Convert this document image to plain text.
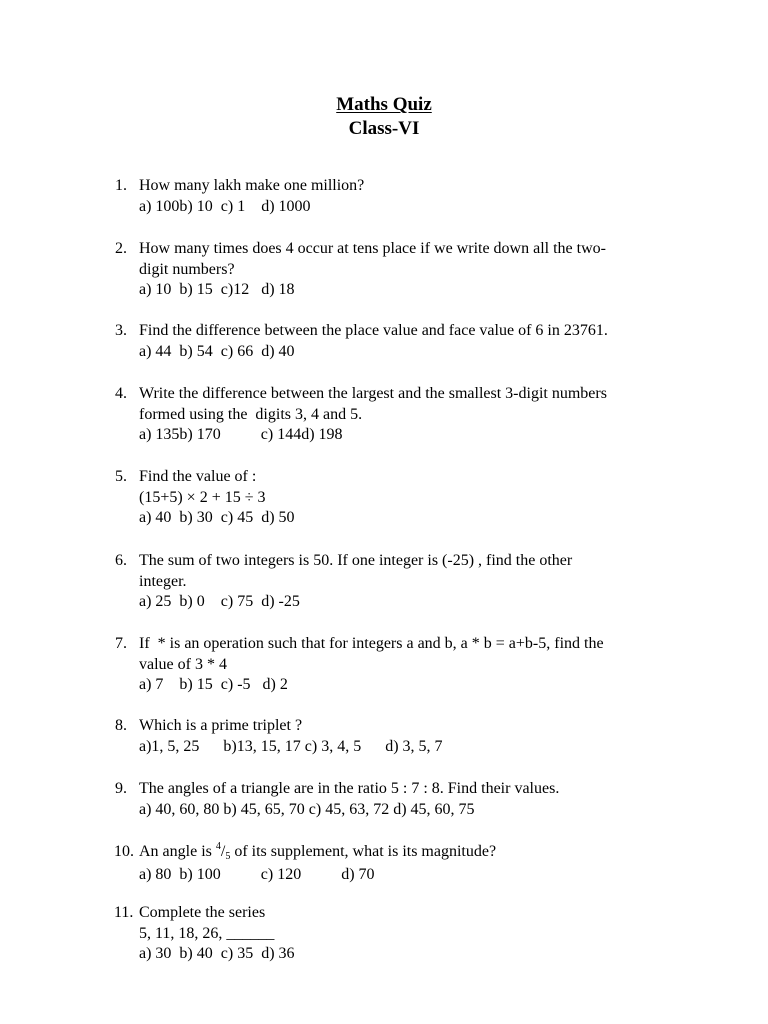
Maths Quiz
Class-VI
1. How many lakh make one million?
a) 100b) 10  c) 1    d) 1000
2. How many times does 4 occur at tens place if we write down all the two-
digit numbers?
a) 10  b) 15  c)12   d) 18
3. Find the difference between the place value and face value of 6 in 23761.
a) 44  b) 54  c) 66  d) 40
4. Write the difference between the largest and the smallest 3-digit numbers
formed using the  digits 3, 4 and 5.
a) 135b) 170          c) 144d) 198
5. Find the value of :
(15+5) × 2 + 15 ÷ 3
a) 40  b) 30  c) 45  d) 50
6. The sum of two integers is 50. If one integer is (-25) , find the other
integer.
a) 25  b) 0    c) 75  d) -25
7. If  * is an operation such that for integers a and b, a * b = a+b-5, find the
value of 3 * 4
a) 7    b) 15  c) -5   d) 2
8. Which is a prime triplet ?
a)1, 5, 25      b)13, 15, 17 c) 3, 4, 5      d) 3, 5, 7
9. The angles of a triangle are in the ratio 5 : 7 : 8. Find their values.
a) 40, 60, 80 b) 45, 65, 70 c) 45, 63, 72 d) 45, 60, 75
10. An angle is $^4$/5 of its supplement, what is its magnitude?
a) 80  b) 100          c) 120          d) 70
11. Complete the series
5, 11, 18, 26, ______
a) 30  b) 40  c) 35  d) 36
